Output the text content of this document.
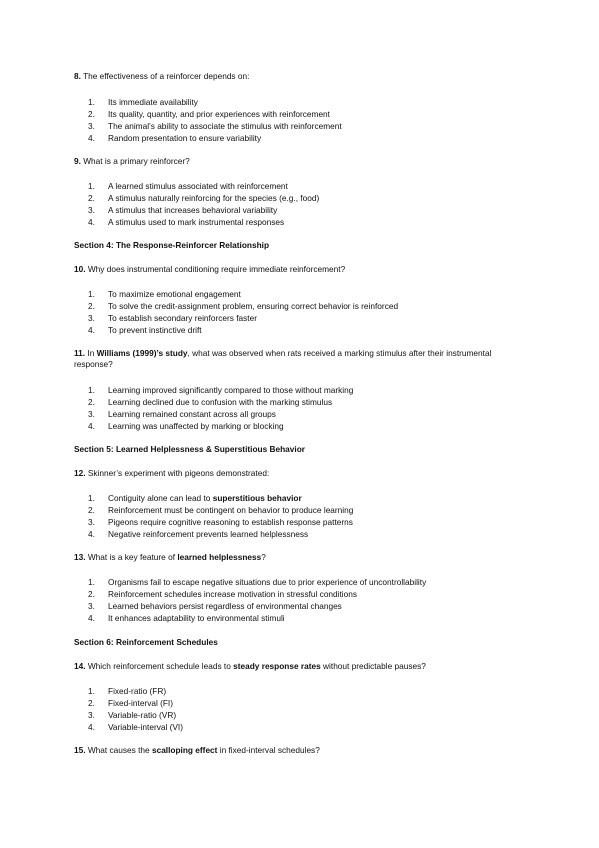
8. The effectiveness of a reinforcer depends on:
1. Its immediate availability
2. Its quality, quantity, and prior experiences with reinforcement
3. The animal’s ability to associate the stimulus with reinforcement
4. Random presentation to ensure variability
9. What is a primary reinforcer?
1. A learned stimulus associated with reinforcement
2. A stimulus naturally reinforcing for the species (e.g., food)
3. A stimulus that increases behavioral variability
4. A stimulus used to mark instrumental responses
Section 4: The Response-Reinforcer Relationship
10. Why does instrumental conditioning require immediate reinforcement?
1. To maximize emotional engagement
2. To solve the credit-assignment problem, ensuring correct behavior is reinforced
3. To establish secondary reinforcers faster
4. To prevent instinctive drift
11. In Williams (1999)’s study, what was observed when rats received a marking stimulus after their instrumental response?
1. Learning improved significantly compared to those without marking
2. Learning declined due to confusion with the marking stimulus
3. Learning remained constant across all groups
4. Learning was unaffected by marking or blocking
Section 5: Learned Helplessness & Superstitious Behavior
12. Skinner’s experiment with pigeons demonstrated:
1. Contiguity alone can lead to superstitious behavior
2. Reinforcement must be contingent on behavior to produce learning
3. Pigeons require cognitive reasoning to establish response patterns
4. Negative reinforcement prevents learned helplessness
13. What is a key feature of learned helplessness?
1. Organisms fail to escape negative situations due to prior experience of uncontrollability
2. Reinforcement schedules increase motivation in stressful conditions
3. Learned behaviors persist regardless of environmental changes
4. It enhances adaptability to environmental stimuli
Section 6: Reinforcement Schedules
14. Which reinforcement schedule leads to steady response rates without predictable pauses?
1. Fixed-ratio (FR)
2. Fixed-interval (FI)
3. Variable-ratio (VR)
4. Variable-interval (VI)
15. What causes the scalloping effect in fixed-interval schedules?
